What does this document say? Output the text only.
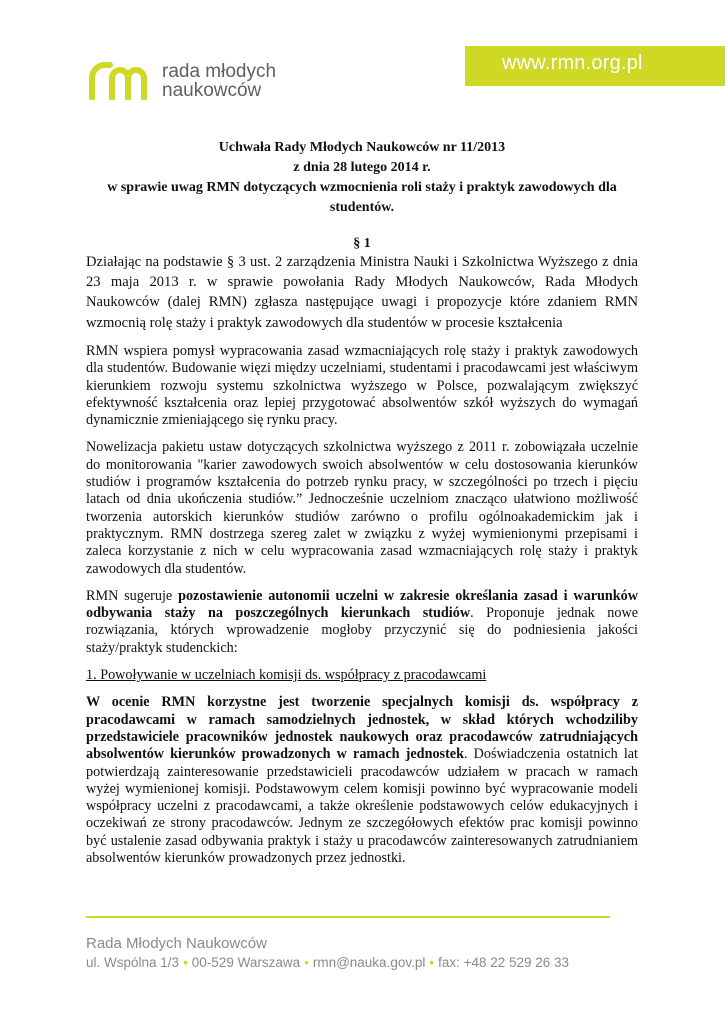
www.rmn.org.pl
rada młodych
naukowców
Uchwała Rady Młodych Naukowców nr 11/2013
z dnia 28 lutego 2014 r.
w sprawie uwag RMN dotyczących wzmocnienia roli staży i praktyk zawodowych dla studentów.
§ 1

Działając na podstawie § 3 ust. 2 zarządzenia Ministra Nauki i Szkolnictwa Wyższego z dnia 23 maja 2013 r. w sprawie powołania Rady Młodych Naukowców, Rada Młodych Naukowców (dalej RMN) zgłasza następujące uwagi i propozycje które zdaniem RMN wzmocnią rolę staży i praktyk zawodowych dla studentów w procesie kształcenia

RMN wspiera pomysł wypracowania zasad wzmacniających rolę staży i praktyk zawodowych dla studentów. Budowanie więzi między uczelniami, studentami i pracodawcami jest właściwym kierunkiem rozwoju systemu szkolnictwa wyższego w Polsce, pozwalającym zwiększyć efektywność kształcenia oraz lepiej przygotować absolwentów szkół wyższych do wymagań dynamicznie zmieniającego się rynku pracy.

Nowelizacja pakietu ustaw dotyczących szkolnictwa wyższego z 2011 r. zobowiązała uczelnie do monitorowania "karier zawodowych swoich absolwentów w celu dostosowania kierunków studiów i programów kształcenia do potrzeb rynku pracy, w szczególności po trzech i pięciu latach od dnia ukończenia studiów.” Jednocześnie uczelniom znacząco ułatwiono możliwość tworzenia autorskich kierunków studiów zarówno o profilu ogólnoakademickim jak i praktycznym. RMN dostrzega szereg zalet w związku z wyżej wymienionymi przepisami i zaleca korzystanie z nich w celu wypracowania zasad wzmacniających rolę staży i praktyk zawodowych dla studentów.

RMN sugeruje pozostawienie autonomii uczelni w zakresie określania zasad i warunków odbywania staży na poszczególnych kierunkach studiów. Proponuje jednak nowe rozwiązania, których wprowadzenie mogłoby przyczynić się do podniesienia jakości staży/praktyk studenckich:

1. Powoływanie w uczelniach komisji ds. współpracy z pracodawcami

W ocenie RMN korzystne jest tworzenie specjalnych komisji ds. współpracy z pracodawcami w ramach samodzielnych jednostek, w skład których wchodziliby przedstawiciele pracowników jednostek naukowych oraz pracodawców zatrudniających absolwentów kierunków prowadzonych w ramach jednostek. Doświadczenia ostatnich lat potwierdzają zainteresowanie przedstawicieli pracodawców udziałem w pracach w ramach wyżej wymienionej komisji. Podstawowym celem komisji powinno być wypracowanie modeli współpracy uczelni z pracodawcami, a także określenie podstawowych celów edukacyjnych i oczekiwań ze strony pracodawców. Jednym ze szczegółowych efektów prac komisji powinno być ustalenie zasad odbywania praktyk i staży u pracodawców zainteresowanych zatrudnianiem absolwentów kierunków prowadzonych przez jednostki.

Rada Młodych Naukowców
ul. Wspólna 1/3 • 00-529 Warszawa • rmn@nauka.gov.pl • fax: +48 22 529 26 33
